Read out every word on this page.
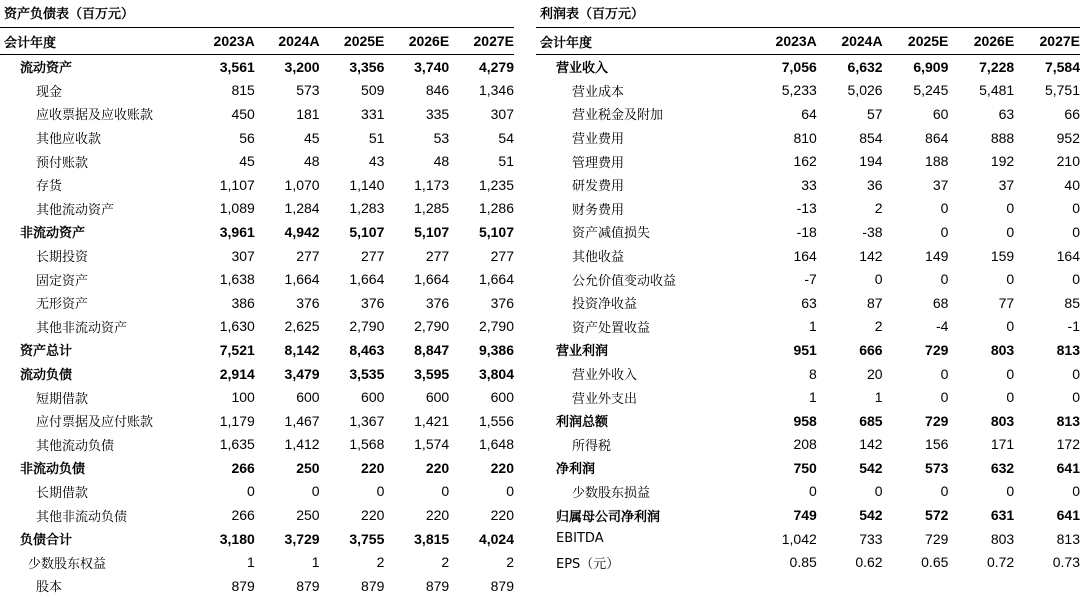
资产负债表（百万元）
会计年度	2023A	2024A	2025E	2026E	2027E
流动资产	3,561	3,200	3,356	3,740	4,279
现金	815	573	509	846	1,346
应收票据及应收账款	450	181	331	335	307
其他应收款	56	45	51	53	54
预付账款	45	48	43	48	51
存货	1,107	1,070	1,140	1,173	1,235
其他流动资产	1,089	1,284	1,283	1,285	1,286
非流动资产	3,961	4,942	5,107	5,107	5,107
长期投资	307	277	277	277	277
固定资产	1,638	1,664	1,664	1,664	1,664
无形资产	386	376	376	376	376
其他非流动资产	1,630	2,625	2,790	2,790	2,790
资产总计	7,521	8,142	8,463	8,847	9,386
流动负债	2,914	3,479	3,535	3,595	3,804
短期借款	100	600	600	600	600
应付票据及应付账款	1,179	1,467	1,367	1,421	1,556
其他流动负债	1,635	1,412	1,568	1,574	1,648
非流动负债	266	250	220	220	220
长期借款	0	0	0	0	0
其他非流动负债	266	250	220	220	220
负债合计	3,180	3,729	3,755	3,815	4,024
少数股东权益	1	1	2	2	2
股本	879	879	879	879	879
利润表（百万元）
会计年度	2023A	2024A	2025E	2026E	2027E
营业收入	7,056	6,632	6,909	7,228	7,584
营业成本	5,233	5,026	5,245	5,481	5,751
营业税金及附加	64	57	60	63	66
营业费用	810	854	864	888	952
管理费用	162	194	188	192	210
研发费用	33	36	37	37	40
财务费用	-13	2	0	0	0
资产减值损失	-18	-38	0	0	0
其他收益	164	142	149	159	164
公允价值变动收益	-7	0	0	0	0
投资净收益	63	87	68	77	85
资产处置收益	1	2	-4	0	-1
营业利润	951	666	729	803	813
营业外收入	8	20	0	0	0
营业外支出	1	1	0	0	0
利润总额	958	685	729	803	813
所得税	208	142	156	171	172
净利润	750	542	573	632	641
少数股东损益	0	0	0	0	0
归属母公司净利润	749	542	572	631	641
EBITDA	1,042	733	729	803	813
EPS（元）	0.85	0.62	0.65	0.72	0.73
